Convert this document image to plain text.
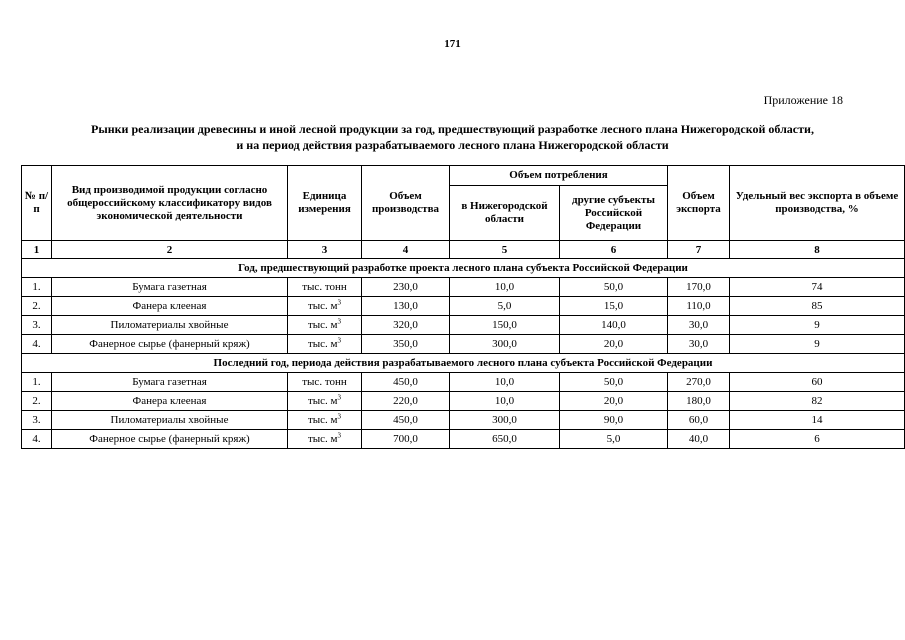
171
Приложение 18
Рынки реализации древесины и иной лесной продукции за год, предшествующий разработке лесного плана Нижегородской области,
и на период действия разрабатываемого лесного плана Нижегородской области
№ п/п	Вид производимой продукции согласно общероссийскому классификатору видов экономической деятельности	Единица измерения	Объем производства	Объем потребления		Объем экспорта	Удельный вес экспорта в объеме производства, %
				в Нижегородской области	другие субъекты Российской Федерации		
1	2	3	4	5	6	7	8
Год, предшествующий разработке проекта лесного плана субъекта Российской Федерации							
1.	Бумага газетная	тыс. тонн	230,0	10,0	50,0	170,0	74
2.	Фанера клееная	тыс. $м^3$	130,0	5,0	15,0	110,0	85
3.	Пиломатериалы хвойные	тыс. $м^3$	320,0	150,0	140,0	30,0	9
4.	Фанерное сырье (фанерный кряж)	тыс. $м^3$	350,0	300,0	20,0	30,0	9
Последний год, периода действия разрабатываемого лесного плана субъекта Российской Федерации							
1.	Бумага газетная	тыс. тонн	450,0	10,0	50,0	270,0	60
2.	Фанера клееная	тыс. $м^3$	220,0	10,0	20,0	180,0	82
3.	Пиломатериалы хвойные	тыс. $м^3$	450,0	300,0	90,0	60,0	14
4.	Фанерное сырье (фанерный кряж)	тыс. $м^3$	700,0	650,0	5,0	40,0	6
